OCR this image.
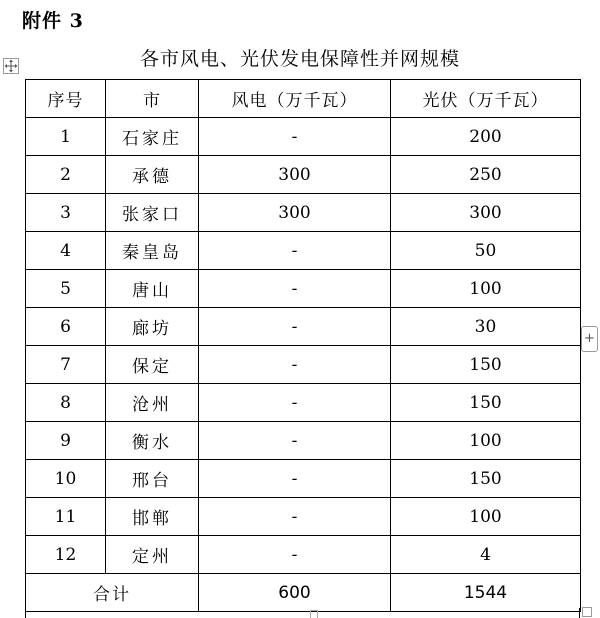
附件 3
各市风电、光伏发电保障性并网规模
序号	市	风电（万千瓦）	光伏（万千瓦）
1	石家庄	-	200
2	承德	300	250
3	张家口	300	300
4	秦皇岛	-	50
5	唐山	-	100
6	廊坊	-	30
7	保定	-	150
8	沧州	-	150
9	衡水	-	100
10	邢台	-	150
11	邯郸	-	100
12	定州	-	4
合计		600	1544
+
